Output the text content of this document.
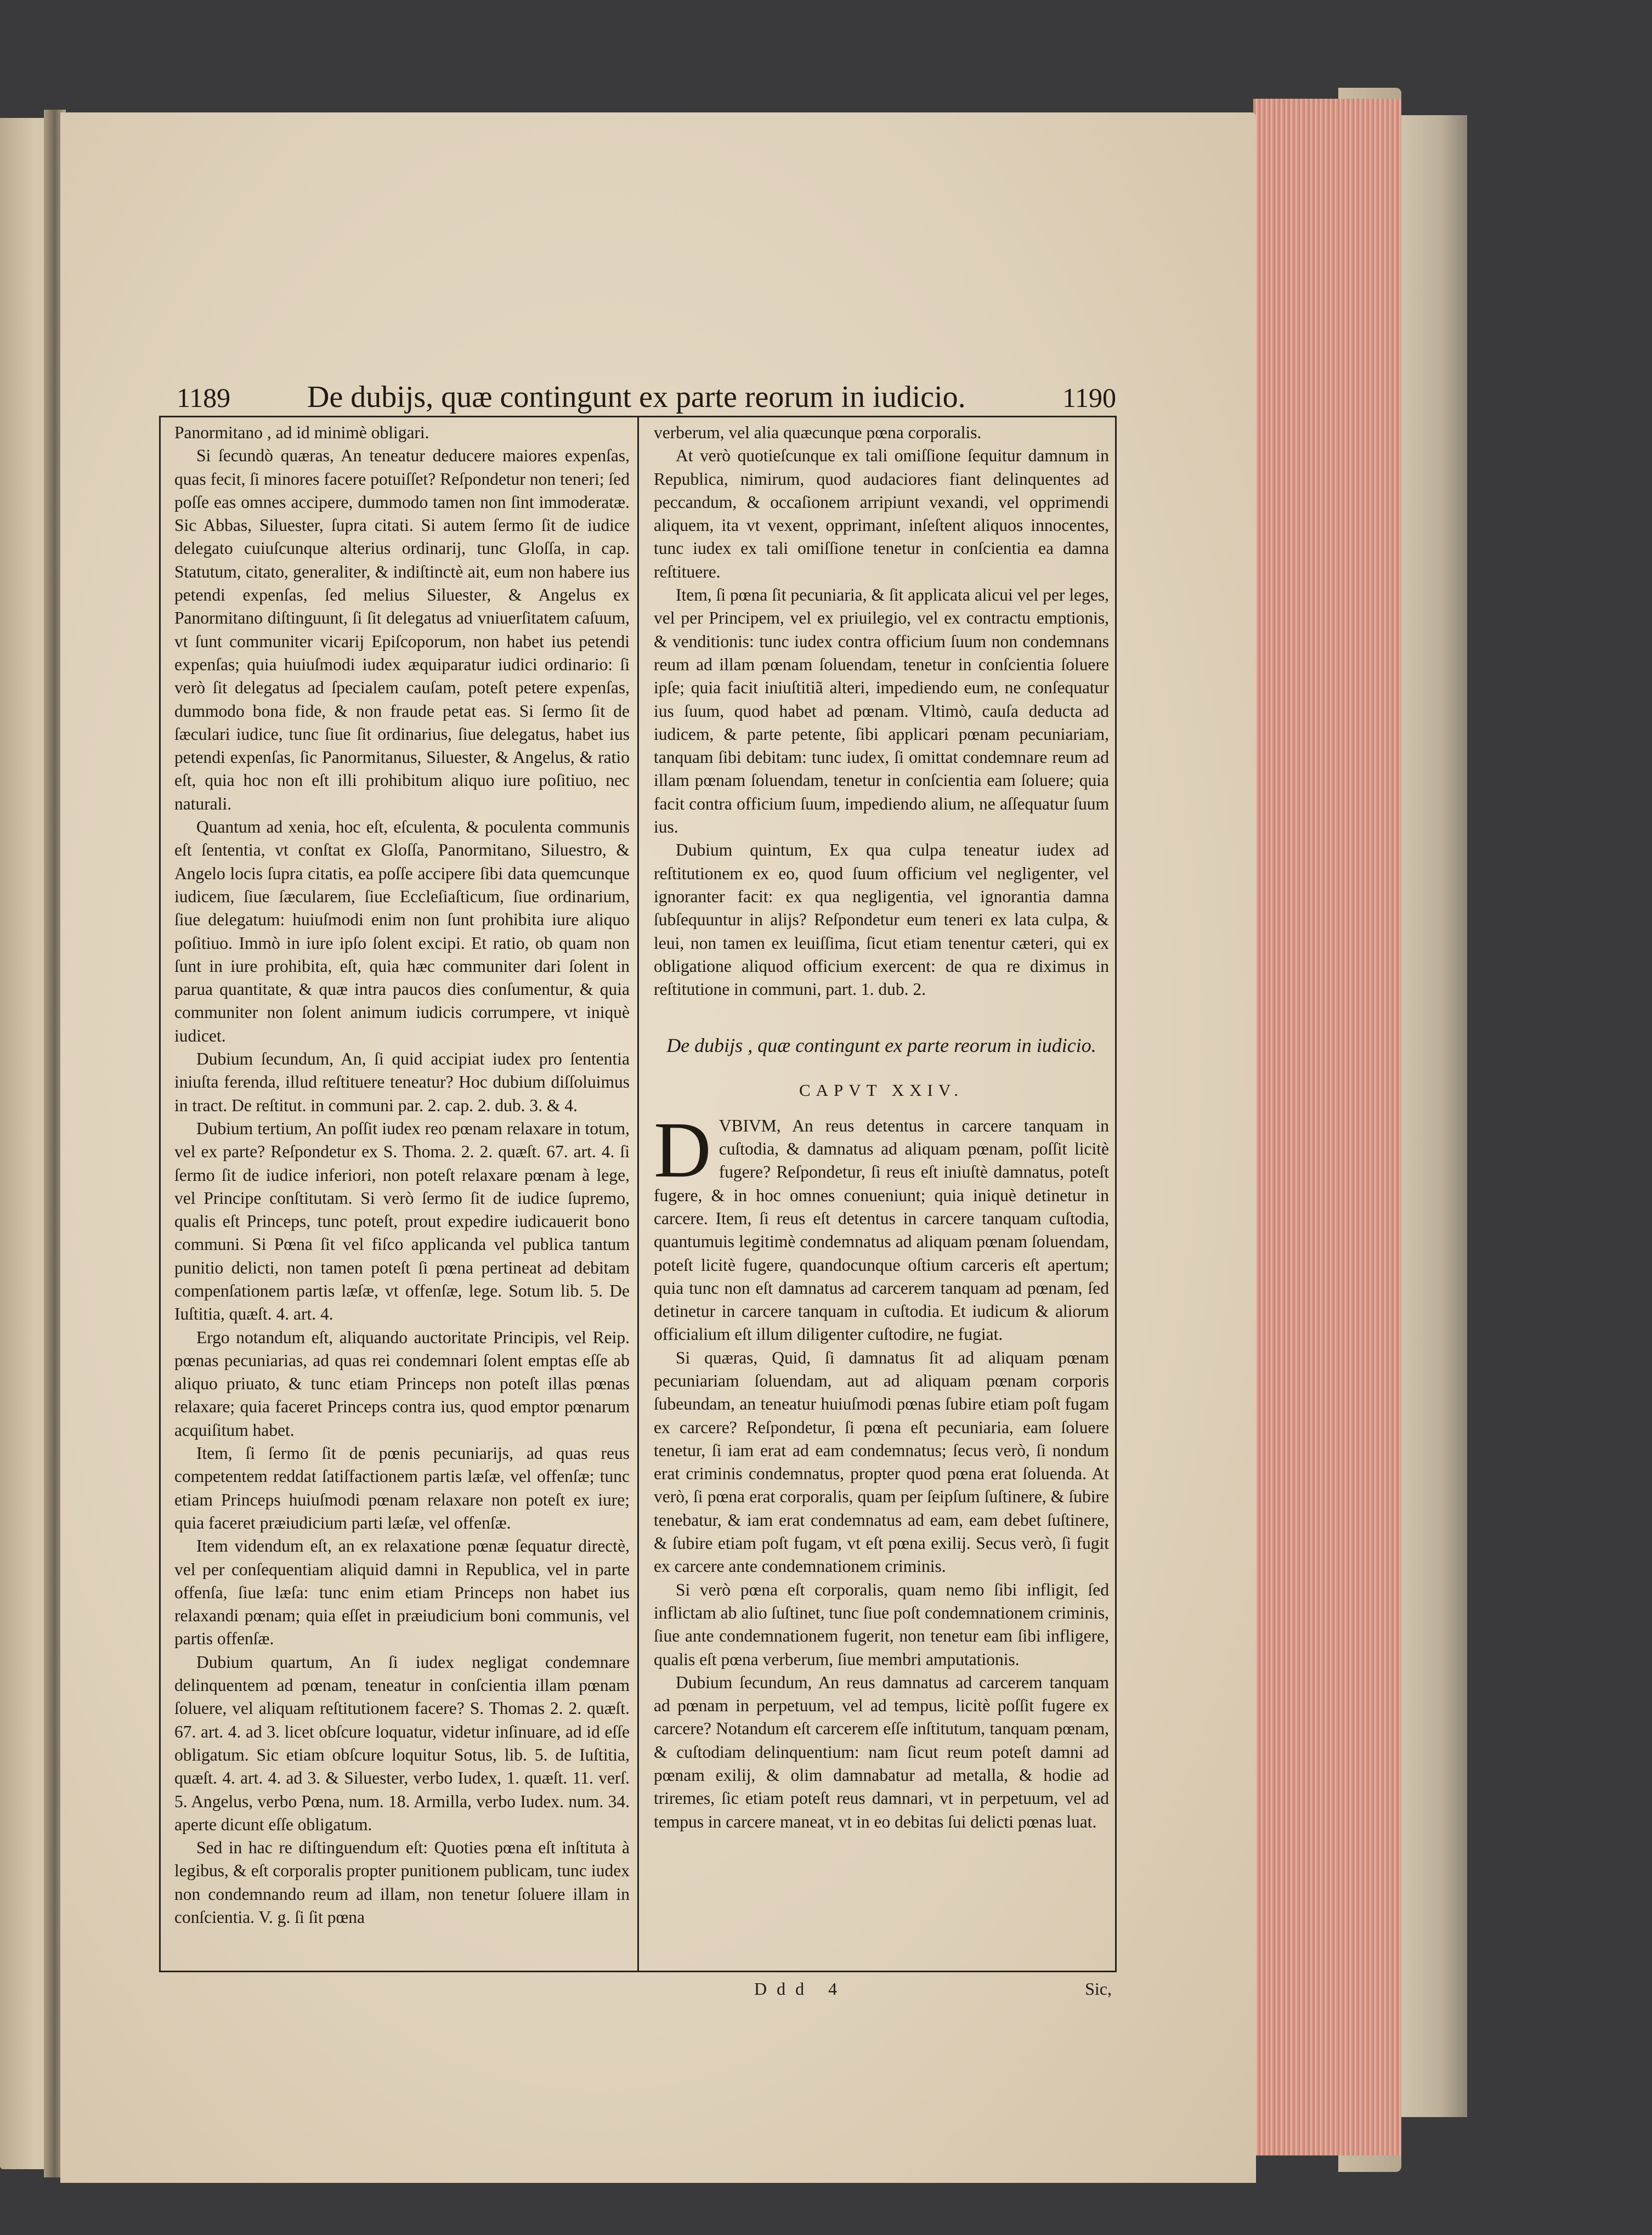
1189 De dubijs, quæ contingunt ex parte reorum in iudicio.	1190

Panormitano , ad id minimè obligari.

Si ſecundò quæras, An teneatur deducere maiores expenſas, quas fecit, ſi minores facere potuiſſet? Reſpondetur non teneri; ſed poſſe eas omnes accipere, dummodo tamen non ſint immoderatæ. Sic Abbas, Siluester, ſupra citati. Si autem ſermo ſit de iudice delegato cuiuſcunque alterius ordinarij, tunc Gloſſa, in cap. Statutum, citato, generaliter, & indiſtinctè ait, eum non habere ius petendi expenſas, ſed melius Siluester, & Angelus ex Panormitano diſtinguunt, ſi ſit delegatus ad vniuerſitatem caſuum, vt ſunt communiter vicarij Epiſcoporum, non habet ius petendi expenſas; quia huiuſmodi iudex æquiparatur iudici ordinario: ſi verò ſit delegatus ad ſpecialem cauſam, poteſt petere expenſas, dummodo bona fide, & non fraude petat eas. Si ſermo ſit de ſæculari iudice, tunc ſiue ſit ordinarius, ſiue delegatus, habet ius petendi expenſas, ſic Panormitanus, Siluester, & Angelus, & ratio eſt, quia hoc non eſt illi prohibitum aliquo iure poſitiuo, nec naturali.

Quantum ad xenia, hoc eſt, eſculenta, & poculenta communis eſt ſententia, vt conſtat ex Gloſſa, Panormitano, Siluestro, & Angelo locis ſupra citatis, ea poſſe accipere ſibi data quemcunque iudicem, ſiue ſæcularem, ſiue Eccleſiaſticum, ſiue ordinarium, ſiue delegatum: huiuſmodi enim non ſunt prohibita iure aliquo poſitiuo. Immò in iure ipſo ſolent excipi. Et ratio, ob quam non ſunt in iure prohibita, eſt, quia hæc communiter dari ſolent in parua quantitate, & quæ intra paucos dies conſumentur, & quia communiter non ſolent animum iudicis corrumpere, vt iniquè iudicet.

Dubium ſecundum, An, ſi quid accipiat iudex pro ſententia iniuſta ferenda, illud reſtituere teneatur? Hoc dubium diſſoluimus in tract. De reſtitut. in communi par. 2. cap. 2. dub. 3. & 4.

Dubium tertium, An poſſit iudex reo pœnam relaxare in totum, vel ex parte? Reſpondetur ex S. Thoma. 2. 2. quæſt. 67. art. 4. ſi ſermo ſit de iudice inferiori, non poteſt relaxare pœnam à lege, vel Principe conſtitutam. Si verò ſermo ſit de iudice ſupremo, qualis eſt Princeps, tunc poteſt, prout expedire iudicauerit bono communi. Si Pœna ſit vel fiſco applicanda vel publica tantum punitio delicti, non tamen poteſt ſi pœna pertineat ad debitam compenſationem partis læſæ, vt offenſæ, lege. Sotum lib. 5. De Iuſtitia, quæſt. 4. art. 4.

Ergo notandum eſt, aliquando auctoritate Principis, vel Reip. pœnas pecuniarias, ad quas rei condemnari ſolent emptas eſſe ab aliquo priuato, & tunc etiam Princeps non poteſt illas pœnas relaxare; quia faceret Princeps contra ius, quod emptor pœnarum acquiſitum habet.

Item, ſi ſermo ſit de pœnis pecuniarijs, ad quas reus competentem reddat ſatiſfactionem partis læſæ, vel offenſæ; tunc etiam Princeps huiuſmodi pœnam relaxare non poteſt ex iure; quia faceret præiudicium parti læſæ, vel offenſæ.

Item videndum eſt, an ex relaxatione pœnæ ſequatur directè, vel per conſequentiam aliquid damni in Republica, vel in parte offenſa, ſiue læſa: tunc enim etiam Princeps non habet ius relaxandi pœnam; quia eſſet in præiudicium boni communis, vel partis offenſæ.

Dubium quartum, An ſi iudex negligat condemnare delinquentem ad pœnam, teneatur in conſcientia illam pœnam ſoluere, vel aliquam reſtitutionem facere? S. Thomas 2. 2. quæſt. 67. art. 4. ad 3. licet obſcure loquatur, videtur inſinuare, ad id eſſe obligatum. Sic etiam obſcure loquitur Sotus, lib. 5. de Iuſtitia, quæſt. 4. art. 4. ad 3. & Siluester, verbo Iudex, 1. quæſt. 11. verſ. 5. Angelus, verbo Pœna, num. 18. Armilla, verbo Iudex. num. 34. aperte dicunt eſſe obligatum.

Sed in hac re diſtinguendum eſt: Quoties pœna eſt inſtituta à legibus, & eſt corporalis propter punitionem publicam, tunc iudex non condemnando reum ad illam, non tenetur ſoluere illam in conſcientia. V. g. ſi ſit pœna

verberum, vel alia quæcunque pœna corporalis.

At verò quotieſcunque ex tali omiſſione ſequitur damnum in Republica, nimirum, quod audaciores fiant delinquentes ad peccandum, & occaſionem arripiunt vexandi, vel opprimendi aliquem, ita vt vexent, opprimant, inſeſtent aliquos innocentes, tunc iudex ex tali omiſſione tenetur in conſcientia ea damna reſtituere.

Item, ſi pœna ſit pecuniaria, & ſit applicata alicui vel per leges, vel per Principem, vel ex priuilegio, vel ex contractu emptionis, & venditionis: tunc iudex contra officium ſuum non condemnans reum ad illam pœnam ſoluendam, tenetur in conſcientia ſoluere ipſe; quia facit iniuſtitiã alteri, impediendo eum, ne conſequatur ius ſuum, quod habet ad pœnam. Vltimò, cauſa deducta ad iudicem, & parte petente, ſibi applicari pœnam pecuniariam, tanquam ſibi debitam: tunc iudex, ſi omittat condemnare reum ad illam pœnam ſoluendam, tenetur in conſcientia eam ſoluere; quia facit contra officium ſuum, impediendo alium, ne aſſequatur ſuum ius.

Dubium quintum, Ex qua culpa teneatur iudex ad reſtitutionem ex eo, quod ſuum officium vel negligenter, vel ignoranter facit: ex qua negligentia, vel ignorantia damna ſubſequuntur in alijs? Reſpondetur eum teneri ex lata culpa, & leui, non tamen ex leuiſſima, ſicut etiam tenentur cæteri, qui ex obligatione aliquod officium exercent: de qua re diximus in reſtitutione in communi, part. 1. dub. 2.

De dubijs , quæ contingunt ex parte reorum in iudicio.
CAPVT XXIV.

DVBIVM, An reus detentus in carcere tanquam in cuſtodia, & damnatus ad aliquam pœnam, poſſit licitè fugere? Reſpondetur, ſi reus eſt iniuſtè damnatus, poteſt fugere, & in hoc omnes conueniunt; quia iniquè detinetur in carcere. Item, ſi reus eſt detentus in carcere tanquam cuſtodia, quantumuis legitimè condemnatus ad aliquam pœnam ſoluendam, poteſt licitè fugere, quandocunque oſtium carceris eſt apertum; quia tunc non eſt damnatus ad carcerem tanquam ad pœnam, ſed detinetur in carcere tanquam in cuſtodia. Et iudicum & aliorum officialium eſt illum diligenter cuſtodire, ne fugiat.

Si quæras, Quid, ſi damnatus ſit ad aliquam pœnam pecuniariam ſoluendam, aut ad aliquam pœnam corporis ſubeundam, an teneatur huiuſmodi pœnas ſubire etiam poſt fugam ex carcere? Reſpondetur, ſi pœna eſt pecuniaria, eam ſoluere tenetur, ſi iam erat ad eam condemnatus; ſecus verò, ſi nondum erat criminis condemnatus, propter quod pœna erat ſoluenda. At verò, ſi pœna erat corporalis, quam per ſeipſum ſuſtinere, & ſubire tenebatur, & iam erat condemnatus ad eam, eam debet ſuſtinere, & ſubire etiam poſt fugam, vt eſt pœna exilij. Secus verò, ſi fugit ex carcere ante condemnationem criminis.

Si verò pœna eſt corporalis, quam nemo ſibi infligit, ſed inflictam ab alio ſuſtinet, tunc ſiue poſt condemnationem criminis, ſiue ante condemnationem fugerit, non tenetur eam ſibi infligere, qualis eſt pœna verberum, ſiue membri amputationis.

Dubium ſecundum, An reus damnatus ad carcerem tanquam ad pœnam in perpetuum, vel ad tempus, licitè poſſit fugere ex carcere? Notandum eſt carcerem eſſe inſtitutum, tanquam pœnam, & cuſtodiam delinquentium: nam ſicut reum poteſt damni ad pœnam exilij, & olim damnabatur ad metalla, & hodie ad triremes, ſic etiam poteſt reus damnari, vt in perpetuum, vel ad tempus in carcere maneat, vt in eo debitas ſui delicti pœnas luat.

Ddd 4	Sic,
